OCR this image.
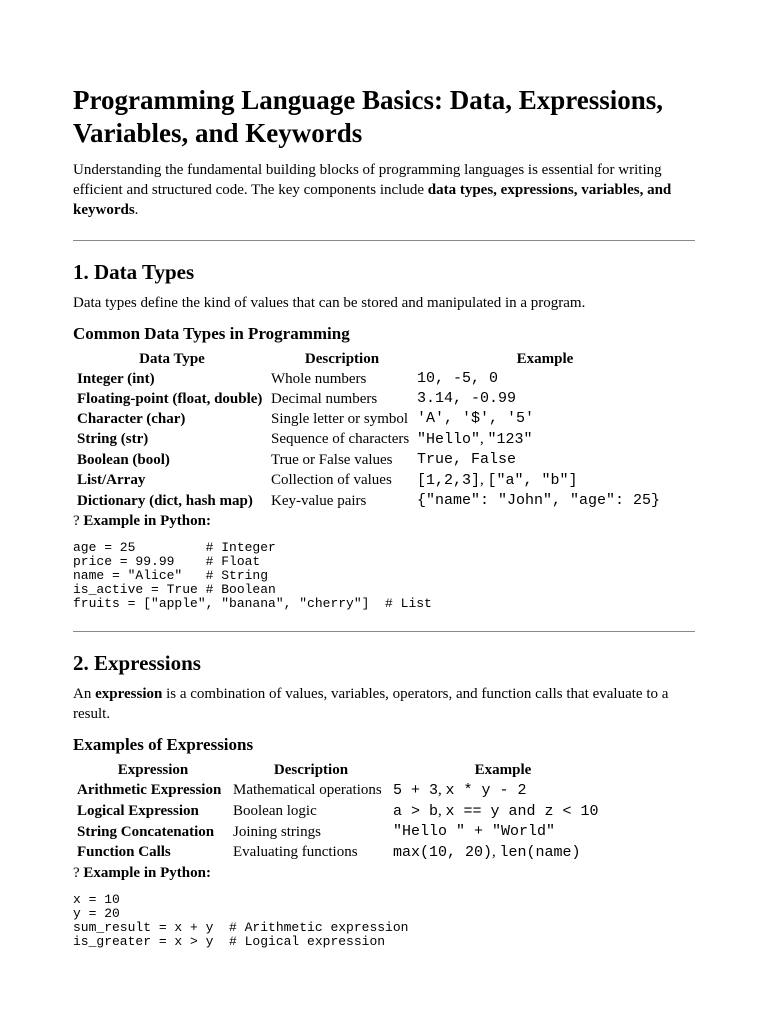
Programming Language Basics: Data, Expressions, Variables, and Keywords

Understanding the fundamental building blocks of programming languages is essential for writing efficient and structured code. The key components include data types, expressions, variables, and keywords.

1. Data Types

Data types define the kind of values that can be stored and manipulated in a program.

Common Data Types in Programming
Data Type	Description	Example
Integer (int)	Whole numbers	10, -5, 0
Floating-point (float, double)	Decimal numbers	3.14, -0.99
Character (char)	Single letter or symbol	'A', '$', '5'
String (str)	Sequence of characters	"Hello", "123"
Boolean (bool)	True or False values	True, False
List/Array	Collection of values	[1,2,3], ["a", "b"]
Dictionary (dict, hash map)	Key-value pairs	{"name": "John", "age": 25}

? Example in Python:

age = 25         # Integer
price = 99.99    # Float
name = "Alice"   # String
is_active = True # Boolean
fruits = ["apple", "banana", "cherry"]  # List
2. Expressions

An expression is a combination of values, variables, operators, and function calls that evaluate to a result.

Examples of Expressions
Expression	Description	Example
Arithmetic Expression	Mathematical operations	5 + 3, x * y - 2
Logical Expression	Boolean logic	a > b, x == y and z < 10
String Concatenation	Joining strings	"Hello " + "World"
Function Calls	Evaluating functions	max(10, 20), len(name)

? Example in Python:

x = 10
y = 20
sum_result = x + y  # Arithmetic expression
is_greater = x > y  # Logical expression
